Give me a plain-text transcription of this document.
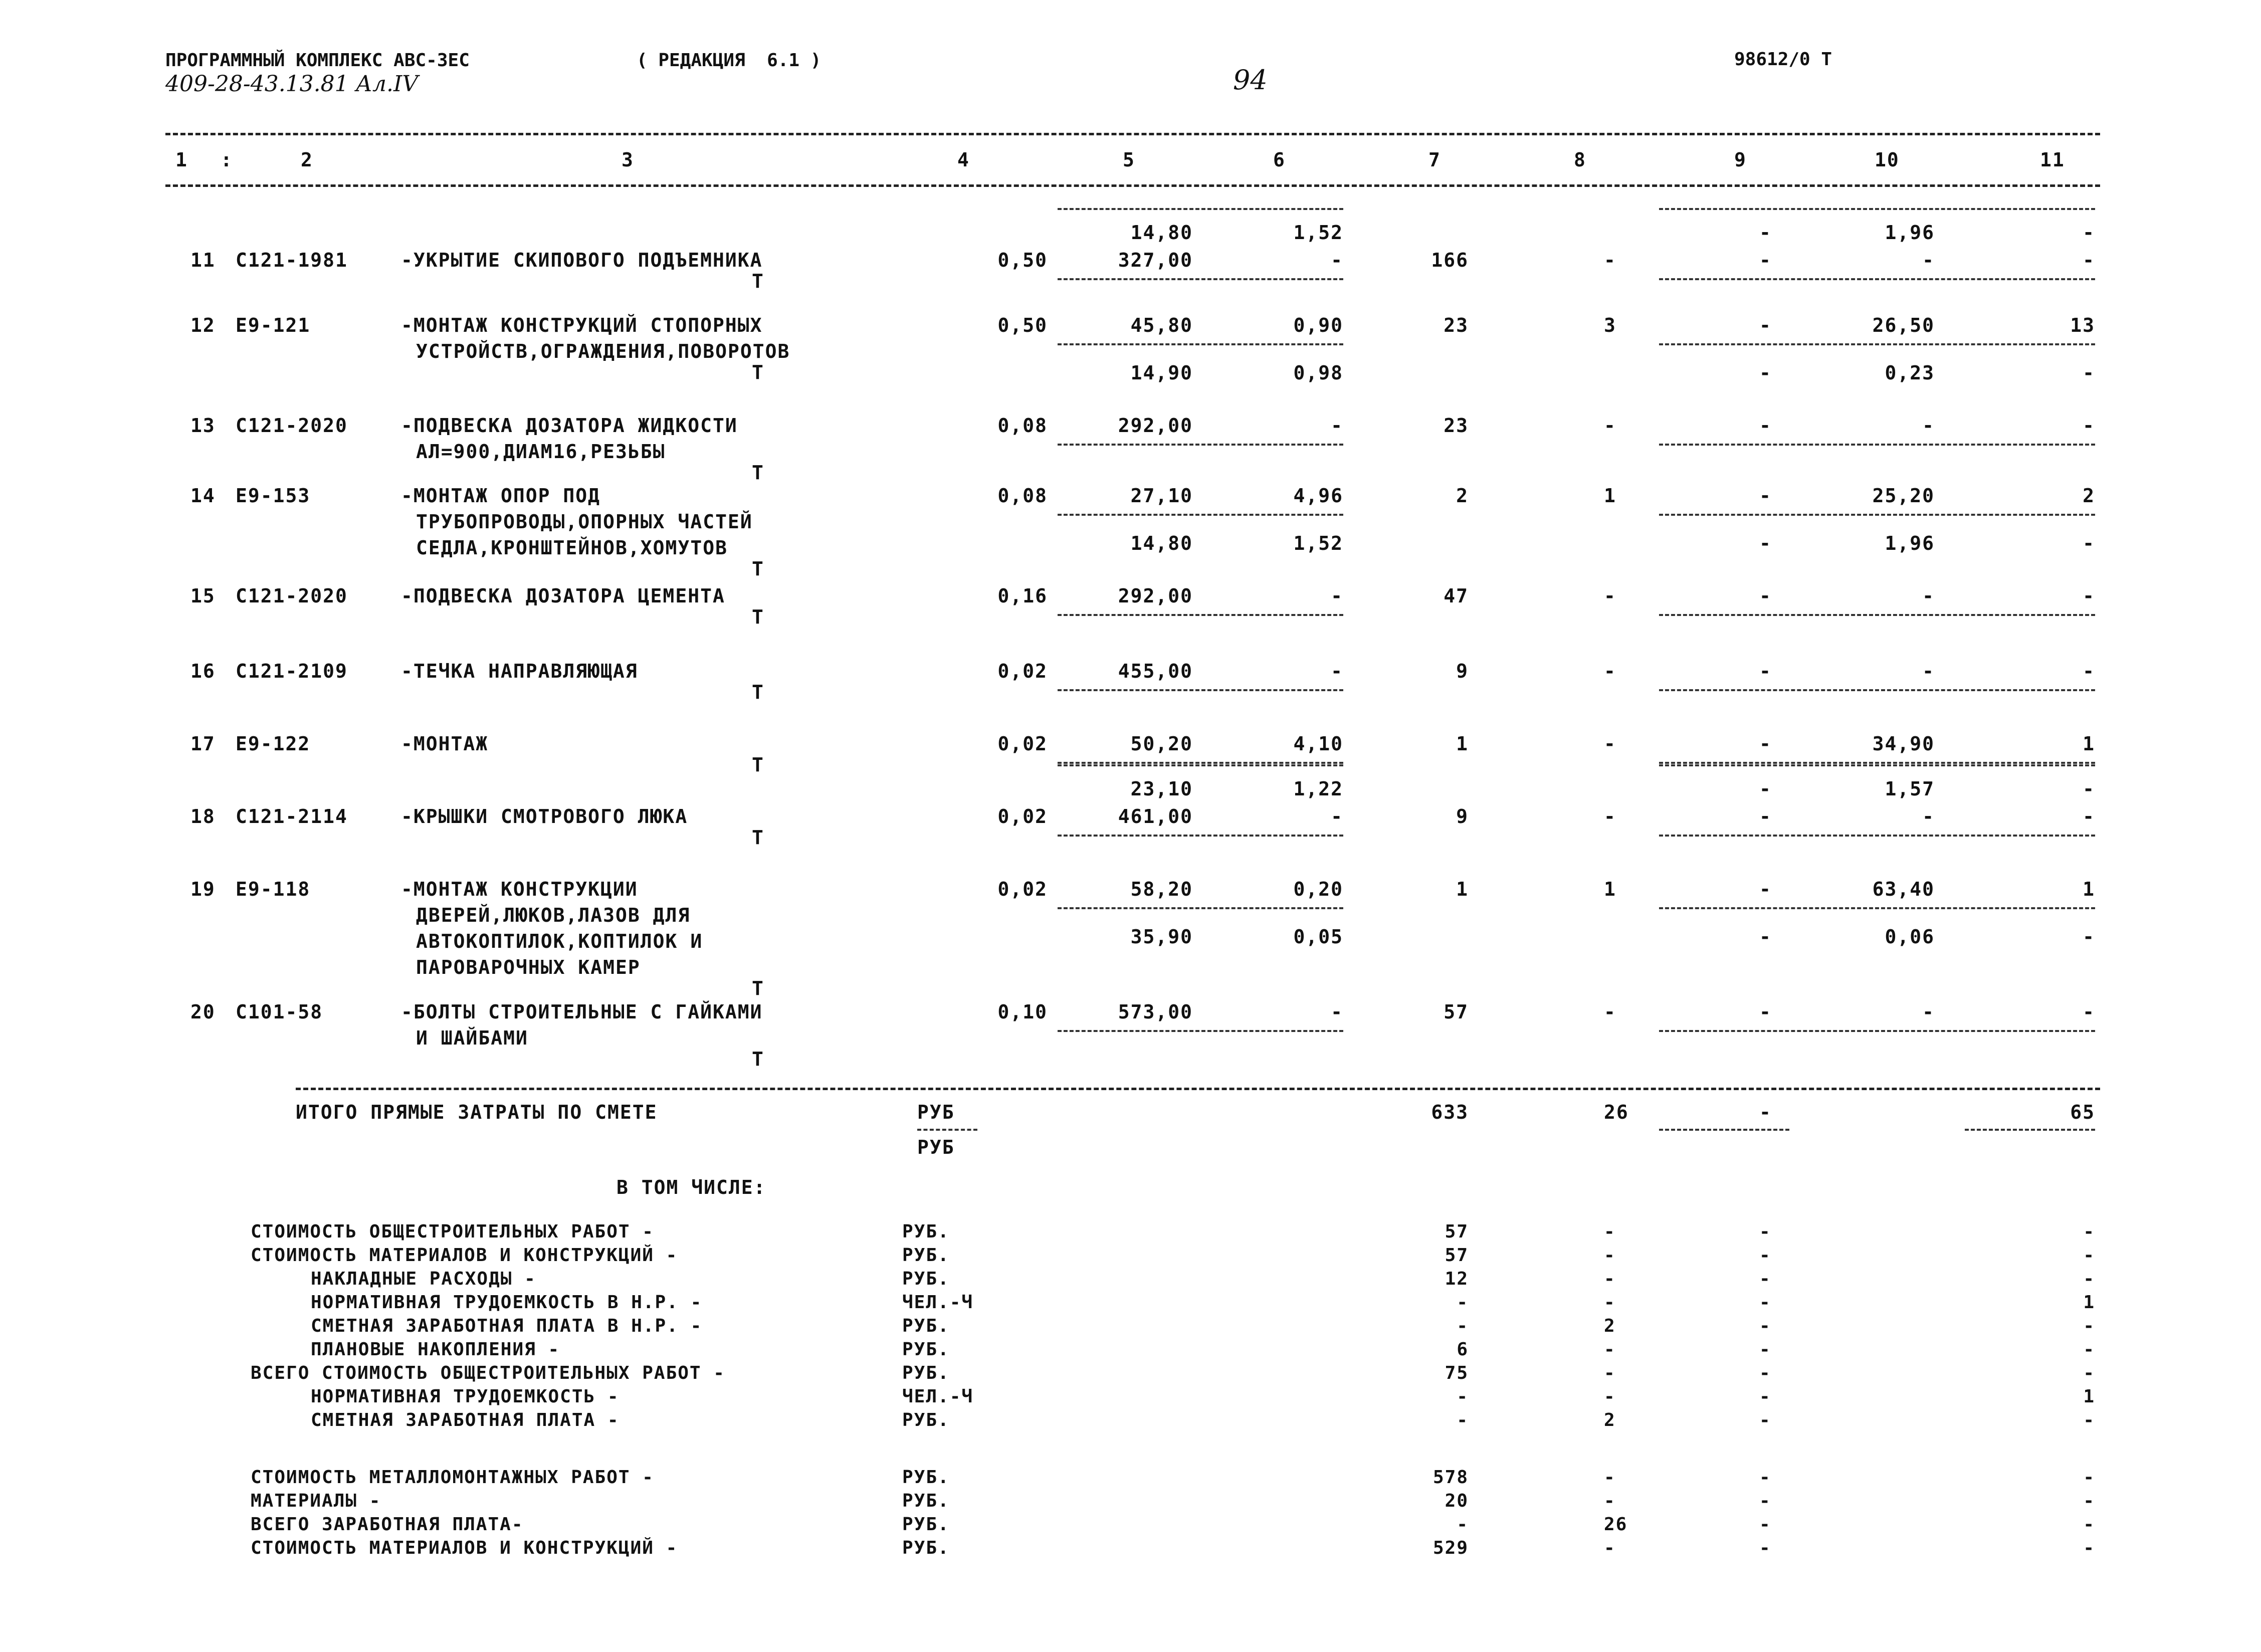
ПРОГРАММНЫЙ КОМПЛЕКС АВС-3ЕС	( РЕДАКЦИЯ  6.1 )
409-28-43.13.81 Ал.IV	94
98612/0 Т
1 :	2	3	4	5	6	7	8	9	10	11
14,80	1,52	-	1,96	-
11 С121-1981	-УКРЫТИЕ СКИПОВОГО ПОДЪЕМНИКА	0,50	327,00	-	166	-	-	-	-
Т
12 Е9-121	-МОНТАЖ КОНСТРУКЦИЙ СТОПОРНЫХ
УСТРОЙСТВ,ОГРАЖДЕНИЯ,ПОВОРОТОВ
0,50	45,80	0,90	23	3	-	26,50	13
14,90	0,98	-	0,23	-
Т
13 С121-2020	-ПОДВЕСКА ДОЗАТОРА ЖИДКОСТИ
АЛ=900,ДИАМ16,РЕЗЬБЫ
0,08	292,00	-	23	-	-	-	-
Т
14 Е9-153	-МОНТАЖ ОПОР ПОД
ТРУБОПРОВОДЫ,ОПОРНЫХ ЧАСТЕЙ
СЕДЛА,КРОНШТЕЙНОВ,ХОМУТОВ
0,08	27,10	4,96	2	1	-	25,20	2
14,80	1,52	-	1,96	-
Т
15 С121-2020	-ПОДВЕСКА ДОЗАТОРА ЦЕМЕНТА	0,16	292,00	-	47	-	-	-	-
Т
16 С121-2109	-ТЕЧКА НАПРАВЛЯЮЩАЯ	0,02	455,00	-	9	-	-	-	-
Т
17 Е9-122	-МОНТАЖ	0,02	50,20	4,10	1	-	-	34,90	1
Т
23,10	1,22	-	1,57	-
18 С121-2114	-КРЫШКИ СМОТРОВОГО ЛЮКА	0,02	461,00	-	9	-	-	-	-
Т
19 Е9-118	-МОНТАЖ КОНСТРУКЦИИ
ДВЕРЕЙ,ЛЮКОВ,ЛАЗОВ ДЛЯ
АВТОКОПТИЛОК,КОПТИЛОК И
ПАРОВАРОЧНЫХ КАМЕР
0,02	58,20	0,20	1	1	-	63,40	1
35,90	0,05	-	0,06	-
Т
20 С101-58	-БОЛТЫ СТРОИТЕЛЬНЫЕ С ГАЙКАМИ
И ШАЙБАМИ
0,10	573,00	-	57	-	-	-	-
Т
ИТОГО ПРЯМЫЕ ЗАТРАТЫ ПО СМЕТЕ	РУБ
РУБ
633	26	-	65
В ТОМ ЧИСЛЕ:
СТОИМОСТЬ ОБЩЕСТРОИТЕЛЬНЫХ РАБОТ -	РУБ.	57	-	-	-
СТОИМОСТЬ МАТЕРИАЛОВ И КОНСТРУКЦИЙ -	РУБ.	57	-	-	-
НАКЛАДНЫЕ РАСХОДЫ -	РУБ.	12	-	-	-
НОРМАТИВНАЯ ТРУДОЕМКОСТЬ В Н.Р. -	ЧЕЛ.-Ч	-	-	-	1
СМЕТНАЯ ЗАРАБОТНАЯ ПЛАТА В Н.Р. -	РУБ.	-	2	-	-
ПЛАНОВЫЕ НАКОПЛЕНИЯ -	РУБ.	6	-	-	-
ВСЕГО СТОИМОСТЬ ОБЩЕСТРОИТЕЛЬНЫХ РАБОТ -	РУБ.	75	-	-	-
НОРМАТИВНАЯ ТРУДОЕМКОСТЬ -	ЧЕЛ.-Ч	-	-	-	1
СМЕТНАЯ ЗАРАБОТНАЯ ПЛАТА -	РУБ.	-	2	-	-
СТОИМОСТЬ МЕТАЛЛОМОНТАЖНЫХ РАБОТ -	РУБ.	578	-	-	-
МАТЕРИАЛЫ -	РУБ.	20	-	-	-
ВСЕГО ЗАРАБОТНАЯ ПЛАТА-	РУБ.	-	26	-	-
СТОИМОСТЬ МАТЕРИАЛОВ И КОНСТРУКЦИЙ -	РУБ.	529	-	-	-
